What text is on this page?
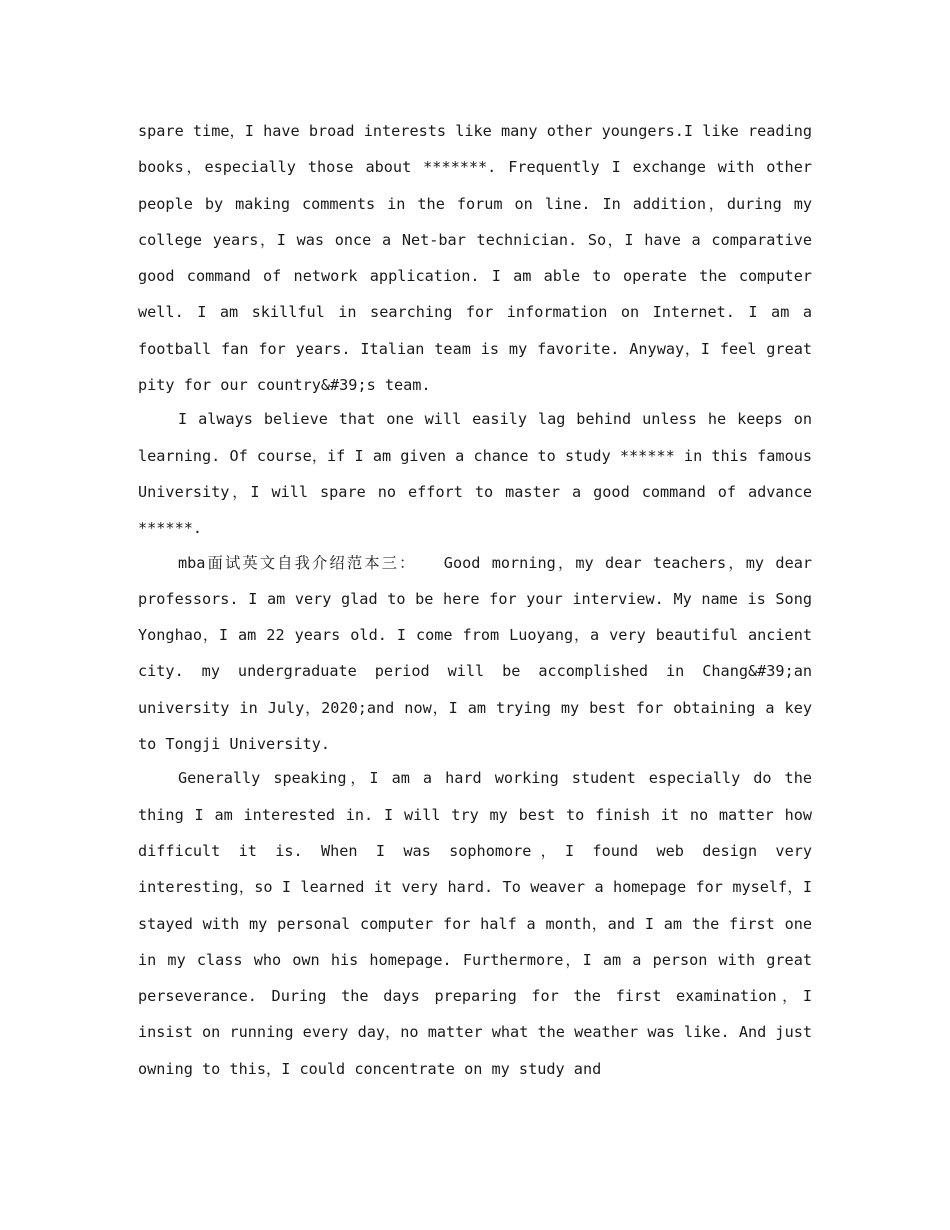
spare time，I have broad interests like many other youngers.I like reading books，especially those about *******. Frequently I exchange with other people by making comments in the forum on line. In addition，during my college years，I was once a Net-bar technician. So，I have a comparative good command of network application. I am able to operate the computer well. I am skillful in searching for information on Internet. I am a football fan for years. Italian team is my favorite. Anyway，I feel great pity for our country&#39;s team.

I always believe that one will easily lag behind unless he keeps on learning. Of course，if I am given a chance to study ****** in this famous University，I will spare no effort to master a good command of advance ******.

mba面试英文自我介绍范本三：　　Good morning，my dear teachers，my dear professors. I am very glad to be here for your interview. My name is Song Yonghao，I am 22 years old. I come from Luoyang，a very beautiful ancient city. my undergraduate period will be accomplished in Chang&#39;an university in July，2020;and now，I am trying my best for obtaining a key to Tongji University.

Generally speaking，I am a hard working student especially do the thing I am interested in. I will try my best to finish it no matter how difficult it is. When I was sophomore，I found web design very interesting，so I learned it very hard. To weaver a homepage for myself，I stayed with my personal computer for half a month，and I am the first one in my class who own his homepage. Furthermore，I am a person with great perseverance. During the days preparing for the first examination，I insist on running every day，no matter what the weather was like. And just owning to this，I could concentrate on my study and
